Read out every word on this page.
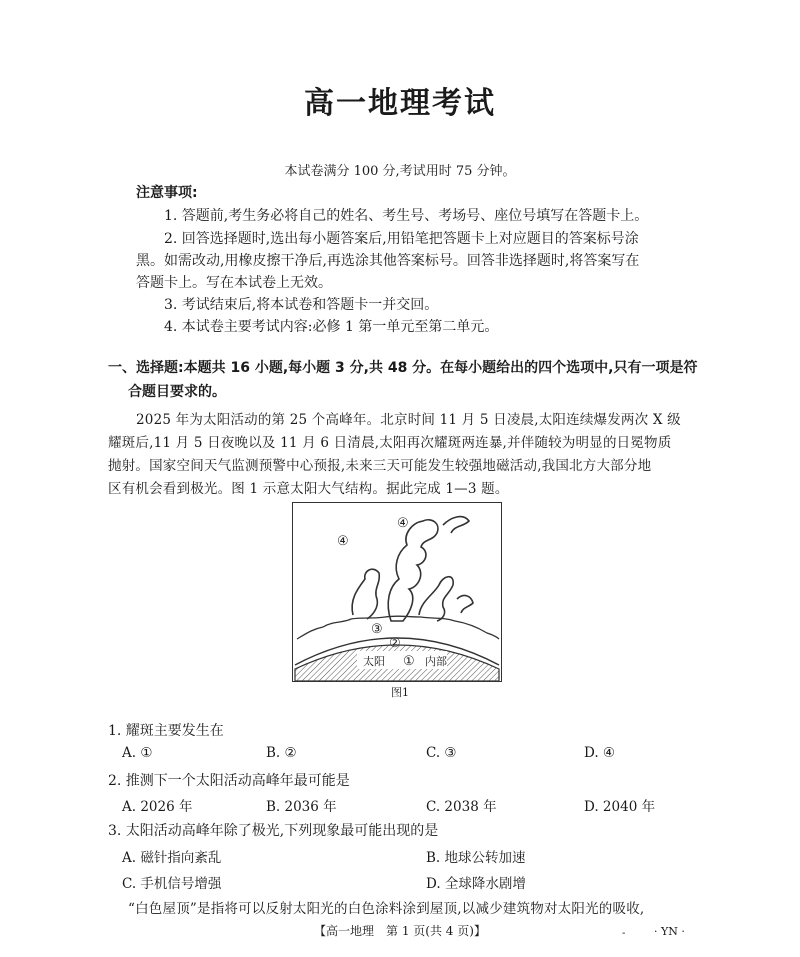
高一地理考试
本试卷满分 100 分,考试用时 75 分钟。
注意事项:
1. 答题前,考生务必将自己的姓名、考生号、考场号、座位号填写在答题卡上。
2. 回答选择题时,选出每小题答案后,用铅笔把答题卡上对应题目的答案标号涂
黑。如需改动,用橡皮擦干净后,再选涂其他答案标号。回答非选择题时,将答案写在
答题卡上。写在本试卷上无效。
3. 考试结束后,将本试卷和答题卡一并交回。
4. 本试卷主要考试内容:必修 1 第一单元至第二单元。
一、选择题:本题共 16 小题,每小题 3 分,共 48 分。在每小题给出的四个选项中,只有一项是符
合题目要求的。
2025 年为太阳活动的第 25 个高峰年。北京时间 11 月 5 日凌晨,太阳连续爆发两次 X 级
耀斑后,11 月 5 日夜晚以及 11 月 6 日清晨,太阳再次耀斑两连暴,并伴随较为明显的日冕物质
抛射。国家空间天气监测预警中心预报,未来三天可能发生较强地磁活动,我国北方大部分地
区有机会看到极光。图 1 示意太阳大气结构。据此完成 1—3 题。
④
④
③
②
太阳 ① 内部
图1
1. 耀斑主要发生在
A. ①	B. ②	C. ③	D. ④
2. 推测下一个太阳活动高峰年最可能是
A. 2026 年	B. 2036 年	C. 2038 年	D. 2040 年
3. 太阳活动高峰年除了极光,下列现象最可能出现的是
A. 磁针指向紊乱	B. 地球公转加速
C. 手机信号增强	D. 全球降水剧增
“白色屋顶”是指将可以反射太阳光的白色涂料涂到屋顶,以减少建筑物对太阳光的吸收,
【高一地理　第 1 页(共 4 页)】	-	· YN ·
